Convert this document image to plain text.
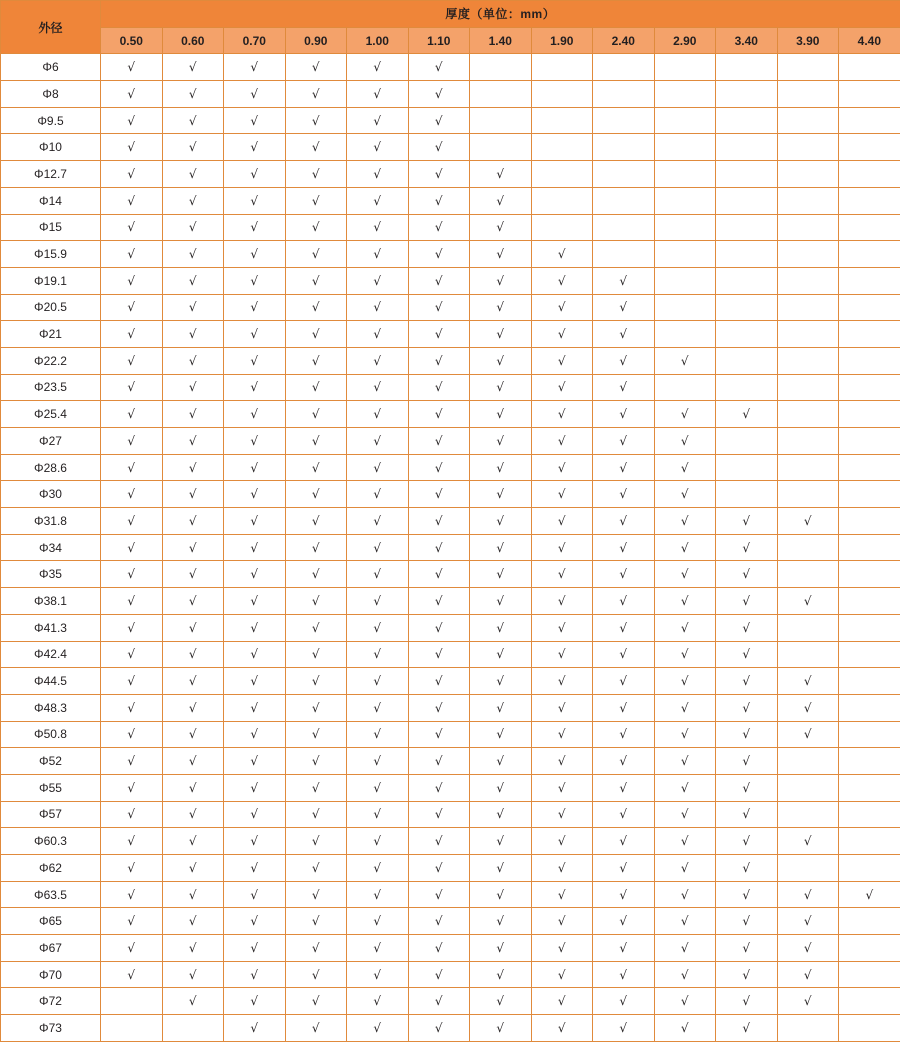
外径	厚度（单位：mm）												
	0.50	0.60	0.70	0.90	1.00	1.10	1.40	1.90	2.40	2.90	3.40	3.90	4.40
Φ6	√	√	√	√	√	√							
Φ8	√	√	√	√	√	√							
Φ9.5	√	√	√	√	√	√							
Φ10	√	√	√	√	√	√							
Φ12.7	√	√	√	√	√	√	√						
Φ14	√	√	√	√	√	√	√						
Φ15	√	√	√	√	√	√	√						
Φ15.9	√	√	√	√	√	√	√	√					
Φ19.1	√	√	√	√	√	√	√	√	√				
Φ20.5	√	√	√	√	√	√	√	√	√				
Φ21	√	√	√	√	√	√	√	√	√				
Φ22.2	√	√	√	√	√	√	√	√	√	√			
Φ23.5	√	√	√	√	√	√	√	√	√				
Φ25.4	√	√	√	√	√	√	√	√	√	√	√		
Φ27	√	√	√	√	√	√	√	√	√	√			
Φ28.6	√	√	√	√	√	√	√	√	√	√			
Φ30	√	√	√	√	√	√	√	√	√	√			
Φ31.8	√	√	√	√	√	√	√	√	√	√	√	√	
Φ34	√	√	√	√	√	√	√	√	√	√	√		
Φ35	√	√	√	√	√	√	√	√	√	√	√		
Φ38.1	√	√	√	√	√	√	√	√	√	√	√	√	
Φ41.3	√	√	√	√	√	√	√	√	√	√	√		
Φ42.4	√	√	√	√	√	√	√	√	√	√	√		
Φ44.5	√	√	√	√	√	√	√	√	√	√	√	√	
Φ48.3	√	√	√	√	√	√	√	√	√	√	√	√	
Φ50.8	√	√	√	√	√	√	√	√	√	√	√	√	
Φ52	√	√	√	√	√	√	√	√	√	√	√		
Φ55	√	√	√	√	√	√	√	√	√	√	√		
Φ57	√	√	√	√	√	√	√	√	√	√	√		
Φ60.3	√	√	√	√	√	√	√	√	√	√	√	√	
Φ62	√	√	√	√	√	√	√	√	√	√	√		
Φ63.5	√	√	√	√	√	√	√	√	√	√	√	√	√
Φ65	√	√	√	√	√	√	√	√	√	√	√	√	
Φ67	√	√	√	√	√	√	√	√	√	√	√	√	
Φ70	√	√	√	√	√	√	√	√	√	√	√	√	
Φ72		√	√	√	√	√	√	√	√	√	√	√	
Φ73			√	√	√	√	√	√	√	√	√		
